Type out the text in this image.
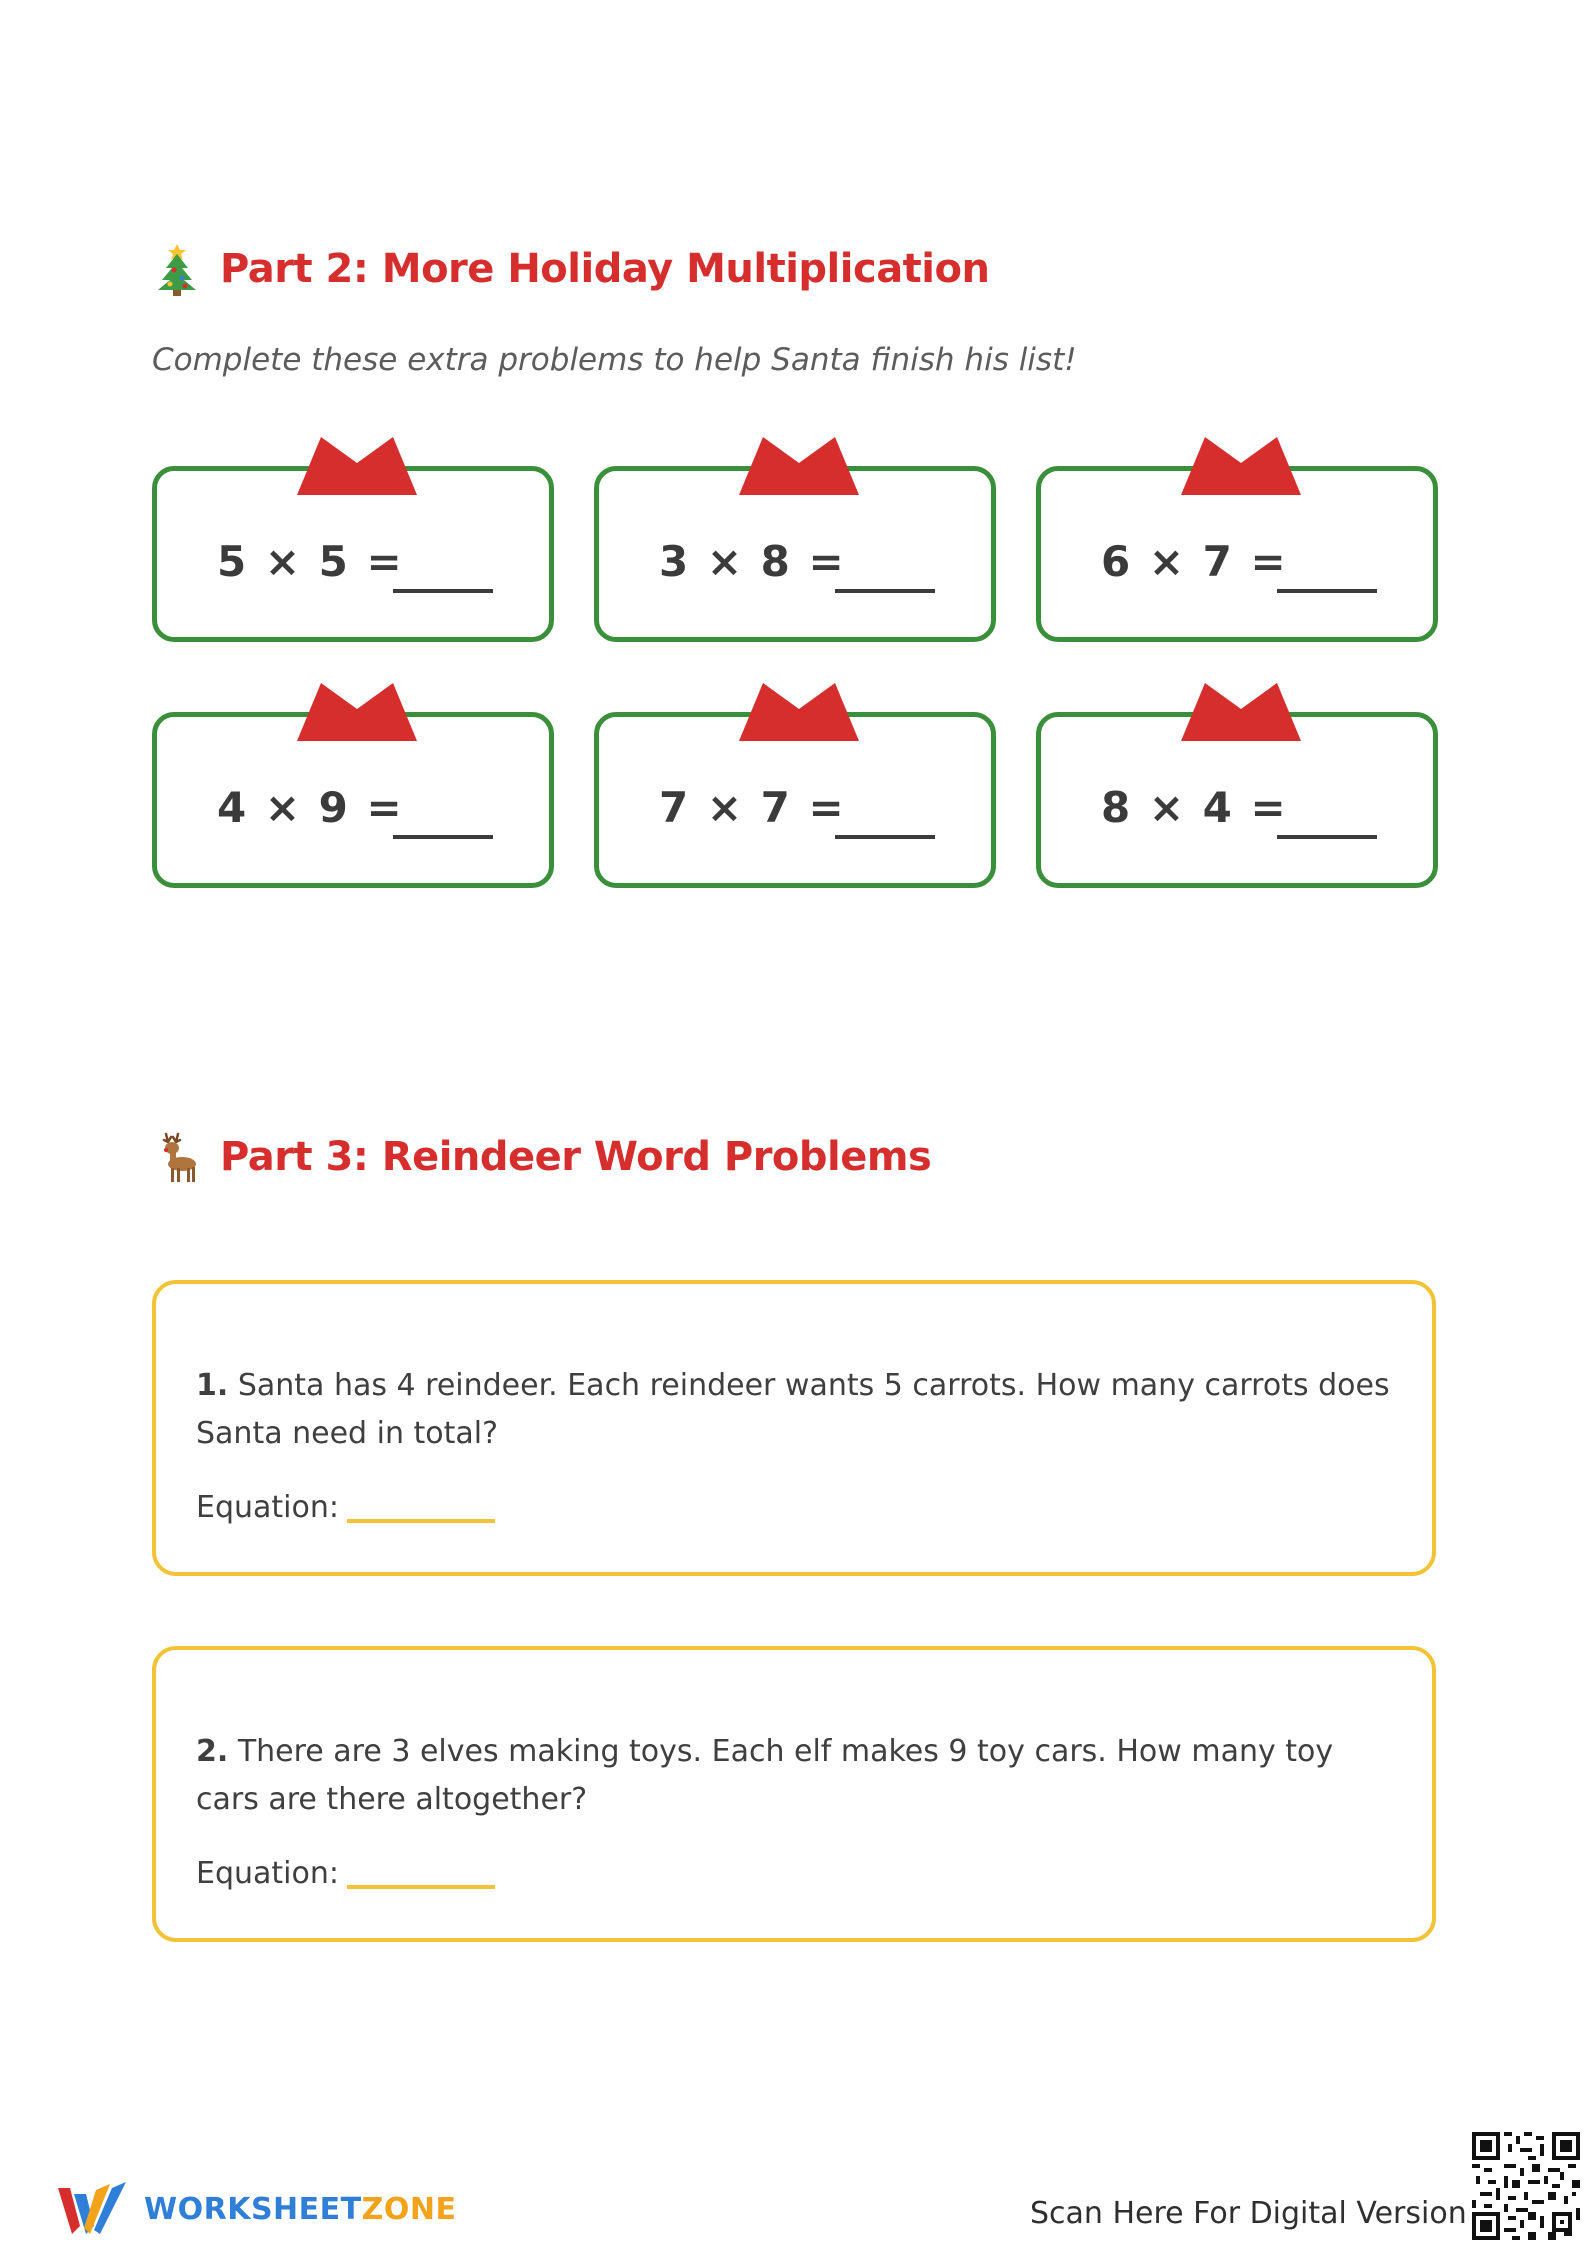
Part 2: More Holiday Multiplication

Complete these extra problems to help Santa finish his list!

5 × 5 =	3 × 8 =	6 × 7 =
4 × 9 =	7 × 7 =	8 × 4 =
Part 3: Reindeer Word Problems

1. Santa has 4 reindeer. Each reindeer wants 5 carrots. How many carrots does Santa need in total?

Equation:

2. There are 3 elves making toys. Each elf makes 9 toy cars. How many toy cars are there altogether?

Equation:
WORKSHEETZONE	Scan Here For Digital Version
